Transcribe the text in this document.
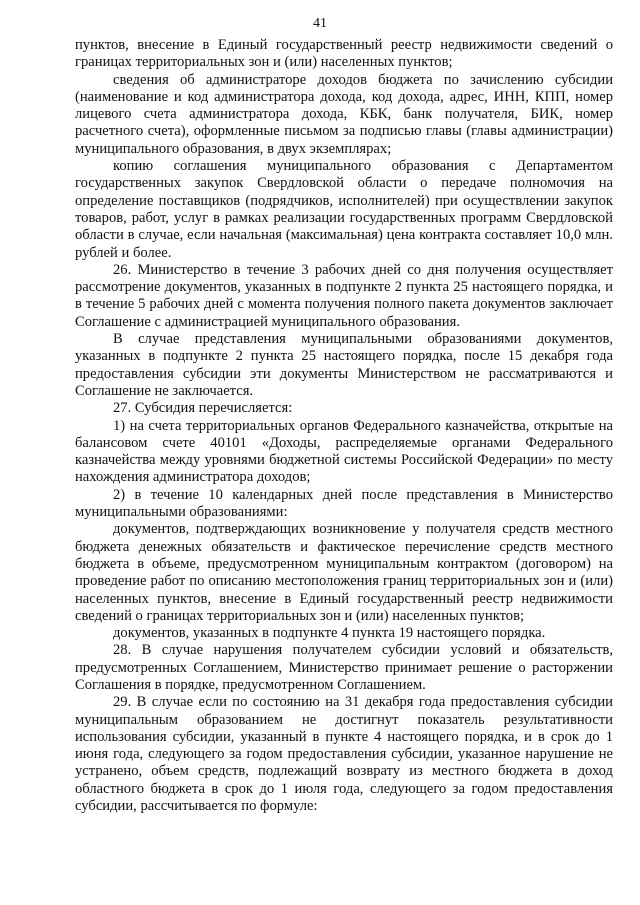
41

пунктов, внесение в Единый государственный реестр недвижимости сведений о границах территориальных зон и (или) населенных пунктов;

сведения об администраторе доходов бюджета по зачислению субсидии (наименование и код администратора дохода, код дохода, адрес, ИНН, КПП, номер лицевого счета администратора дохода, КБК, банк получателя, БИК, номер расчетного счета), оформленные письмом за подписью главы (главы администрации) муниципального образования, в двух экземплярах;

копию соглашения муниципального образования с Департаментом государственных закупок Свердловской области о передаче полномочия на определение поставщиков (подрядчиков, исполнителей) при осуществлении закупок товаров, работ, услуг в рамках реализации государственных программ Свердловской области в случае, если начальная (максимальная) цена контракта составляет 10,0 млн. рублей и более.

26. Министерство в течение 3 рабочих дней со дня получения осуществляет рассмотрение документов, указанных в подпункте 2 пункта 25 настоящего порядка, и в течение 5 рабочих дней с момента получения полного пакета документов заключает Соглашение с администрацией муниципального образования.

В случае представления муниципальными образованиями документов, указанных в подпункте 2 пункта 25 настоящего порядка, после 15 декабря года предоставления субсидии эти документы Министерством не рассматриваются и Соглашение не заключается.

27. Субсидия перечисляется:

1) на счета территориальных органов Федерального казначейства, открытые на балансовом счете 40101 «Доходы, распределяемые органами Федерального казначейства между уровнями бюджетной системы Российской Федерации» по месту нахождения администратора доходов;

2) в течение 10 календарных дней после представления в Министерство муниципальными образованиями:

документов, подтверждающих возникновение у получателя средств местного бюджета денежных обязательств и фактическое перечисление средств местного бюджета в объеме, предусмотренном муниципальным контрактом (договором) на проведение работ по описанию местоположения границ территориальных зон и (или) населенных пунктов, внесение в Единый государственный реестр недвижимости сведений о границах территориальных зон и (или) населенных пунктов;

документов, указанных в подпункте 4 пункта 19 настоящего порядка.

28. В случае нарушения получателем субсидии условий и обязательств, предусмотренных Соглашением, Министерство принимает решение о расторжении Соглашения в порядке, предусмотренном Соглашением.

29. В случае если по состоянию на 31 декабря года предоставления субсидии муниципальным образованием не достигнут показатель результативности использования субсидии, указанный в пункте 4 настоящего порядка, и в срок до 1 июня года, следующего за годом предоставления субсидии, указанное нарушение не устранено, объем средств, подлежащий возврату из местного бюджета в доход областного бюджета в срок до 1 июля года, следующего за годом предоставления субсидии, рассчитывается по формуле:
